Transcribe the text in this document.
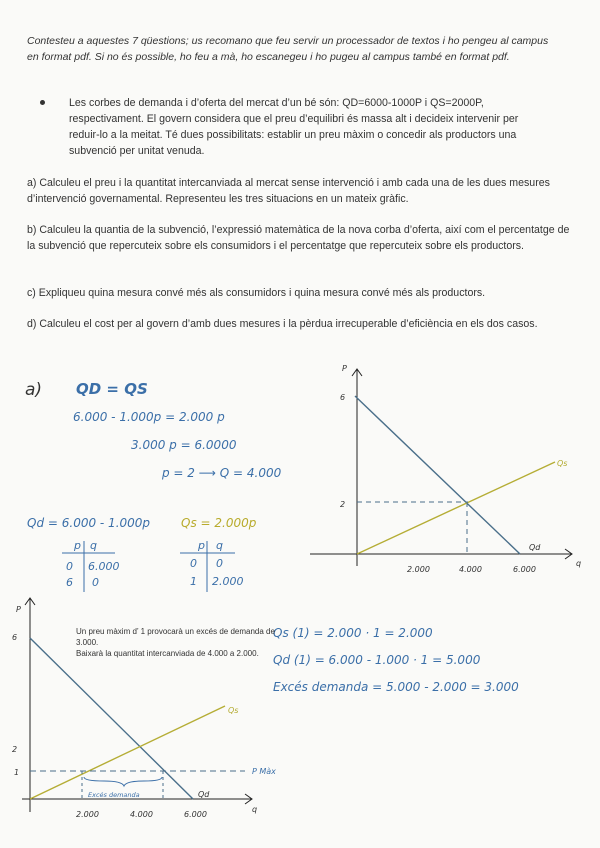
Contesteu a aquestes 7 qüestions; us recomano que feu servir un processador de textos i ho pengeu al campus en format pdf. Si no és possible, ho feu a mà, ho escanegeu i ho pugeu al campus també en format pdf.
Les corbes de demanda i d’oferta del mercat d’un bé són: QD=6000-1000P i QS=2000P, respectivament. El govern considera que el preu d’equilibri és massa alt i decideix intervenir per reduir-lo a la meitat. Té dues possibilitats: establir un preu màxim o concedir als productors una subvenció per unitat venuda.
a) Calculeu el preu i la quantitat intercanviada al mercat sense intervenció i amb cada una de les dues mesures d’intervenció governamental. Representeu les tres situacions en un mateix gràfic.
b) Calculeu la quantia de la subvenció, l’expressió matemàtica de la nova corba d’oferta, així com el percentatge de la subvenció que repercuteix sobre els consumidors i el percentatge que repercuteix sobre els productors.
c) Expliqueu quina mesura convé més als consumidors i quina mesura convé més als productors.
d) Calculeu el cost per al govern d’amb dues mesures i la pèrdua irrecuperable d’eficiència en els dos casos.
a) QD = QS
6.000 - 1.000p = 2.000 p
3.000 p = 6.0000
p = 2 ⟶ Q = 4.000
Qd = 6.000 - 1.000p	Qs = 2.000p
p q
0 6.000
6 0
p q
0 0
1 2.000
Qs (1) = 2.000 · 1 = 2.000
Qd (1) = 6.000 - 1.000 · 1 = 5.000
Excés demanda = 5.000 - 2.000 = 3.000
Un preu màxim d’ 1 provocarà un excés de demanda de 3.000.
Baixarà la quantitat intercanviada de 4.000 a 2.000.
P
q
6
2
2.000	4.000	6.000
Qs
Qd
P
q
6
2
1
2.000	4.000	6.000
Excés demanda
P Màx
Qs
Qd
